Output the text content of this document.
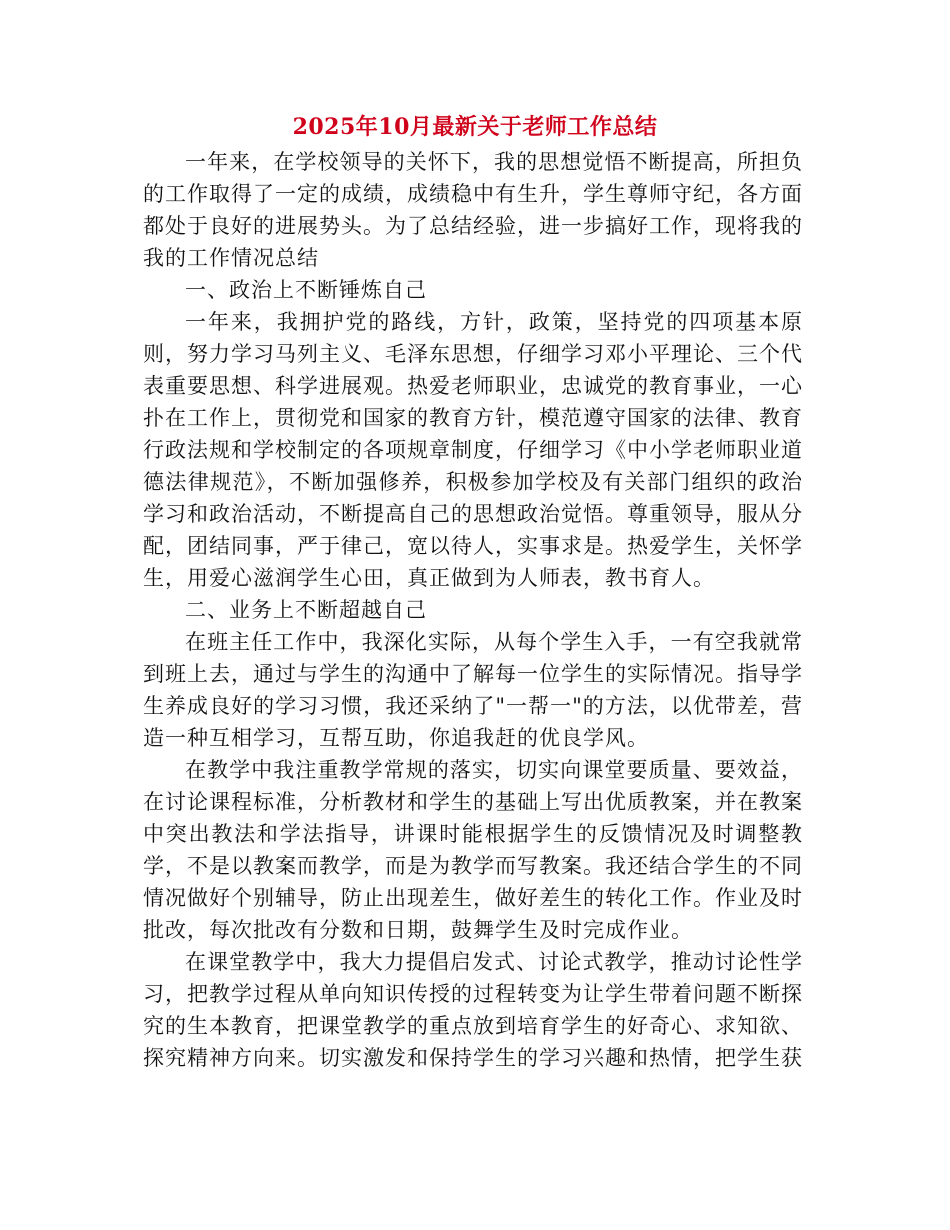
2025年10月最新关于老师工作总结

一年来，在学校领导的关怀下，我的思想觉悟不断提高，所担负的工作取得了一定的成绩，成绩稳中有生升，学生尊师守纪，各方面都处于良好的进展势头。为了总结经验，进一步搞好工作，现将我的我的工作情况总结

一、政治上不断锤炼自己

一年来，我拥护党的路线，方针，政策，坚持党的四项基本原则，努力学习马列主义、毛泽东思想，仔细学习邓小平理论、三个代表重要思想、科学进展观。热爱老师职业，忠诚党的教育事业，一心扑在工作上，贯彻党和国家的教育方针，模范遵守国家的法律、教育行政法规和学校制定的各项规章制度，仔细学习《中小学老师职业道德法律规范》，不断加强修养，积极参加学校及有关部门组织的政治学习和政治活动，不断提高自己的思想政治觉悟。尊重领导，服从分配，团结同事，严于律己，宽以待人，实事求是。热爱学生，关怀学生，用爱心滋润学生心田，真正做到为人师表，教书育人。

二、业务上不断超越自己

在班主任工作中，我深化实际，从每个学生入手，一有空我就常到班上去，通过与学生的沟通中了解每一位学生的实际情况。指导学生养成良好的学习习惯，我还采纳了"一帮一"的方法，以优带差，营造一种互相学习，互帮互助，你追我赶的优良学风。

在教学中我注重教学常规的落实，切实向课堂要质量、要效益，在讨论课程标准，分析教材和学生的基础上写出优质教案，并在教案中突出教法和学法指导，讲课时能根据学生的反馈情况及时调整教学，不是以教案而教学，而是为教学而写教案。我还结合学生的不同情况做好个别辅导，防止出现差生，做好差生的转化工作。作业及时批改，每次批改有分数和日期，鼓舞学生及时完成作业。

在课堂教学中，我大力提倡启发式、讨论式教学，推动讨论性学习，把教学过程从单向知识传授的过程转变为让学生带着问题不断探究的生本教育，把课堂教学的重点放到培育学生的好奇心、求知欲、探究精神方向来。切实激发和保持学生的学习兴趣和热情，把学生获
